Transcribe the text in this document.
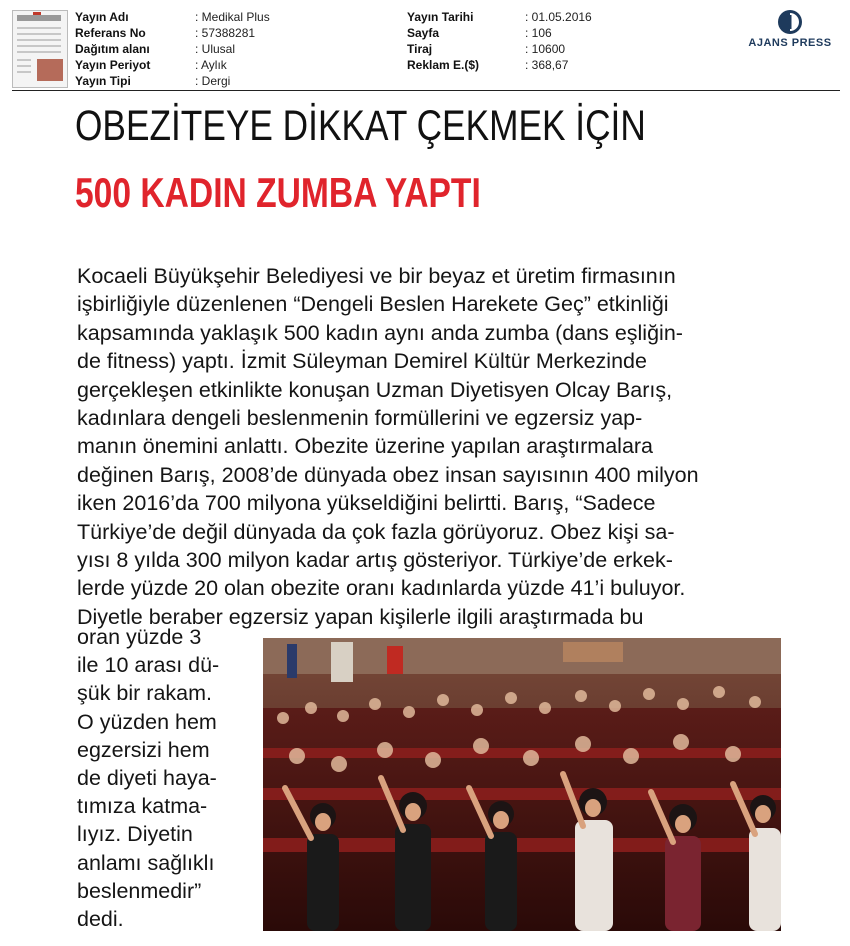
Yayın Adı	: Medikal Plus
Referans No	: 57388281
Dağıtım alanı	: Ulusal
Yayın Periyot	: Aylık
Yayın Tipi	: Dergi
Yayın Tarihi	: 01.05.2016
Sayfa	: 106
Tiraj	: 10600
Reklam E.($)	: 368,67
AJANS PRESS
OBEZİTEYE DİKKAT ÇEKMEK İÇİN
500 KADIN ZUMBA YAPTI
Kocaeli Büyükşehir Belediyesi ve bir beyaz et üretim firmasının
işbirliğiyle düzenlenen “Dengeli Beslen Harekete Geç” etkinliği
kapsamında yaklaşık 500 kadın aynı anda zumba (dans eşliğin-
de fitness) yaptı. İzmit Süleyman Demirel Kültür Merkezinde
gerçekleşen etkinlikte konuşan Uzman Diyetisyen Olcay Barış,
kadınlara dengeli beslenmenin formüllerini ve egzersiz yap-
manın önemini anlattı. Obezite üzerine yapılan araştırmalara
değinen Barış, 2008’de dünyada obez insan sayısının 400 milyon
iken 2016’da 700 milyona yükseldiğini belirtti. Barış, “Sadece
Türkiye’de değil dünyada da çok fazla görüyoruz. Obez kişi sa-
yısı 8 yılda 300 milyon kadar artış gösteriyor. Türkiye’de erkek-
lerde yüzde 20 olan obezite oranı kadınlarda yüzde 41’i buluyor.
Diyetle beraber egzersiz yapan kişilerle ilgili araştırmada bu
oran yüzde 3
ile 10 arası dü-
şük bir rakam.
O yüzden hem
egzersizi hem
de diyeti haya-
tımıza katma-
lıyız. Diyetin
anlamı sağlıklı
beslenmedir”
dedi.
